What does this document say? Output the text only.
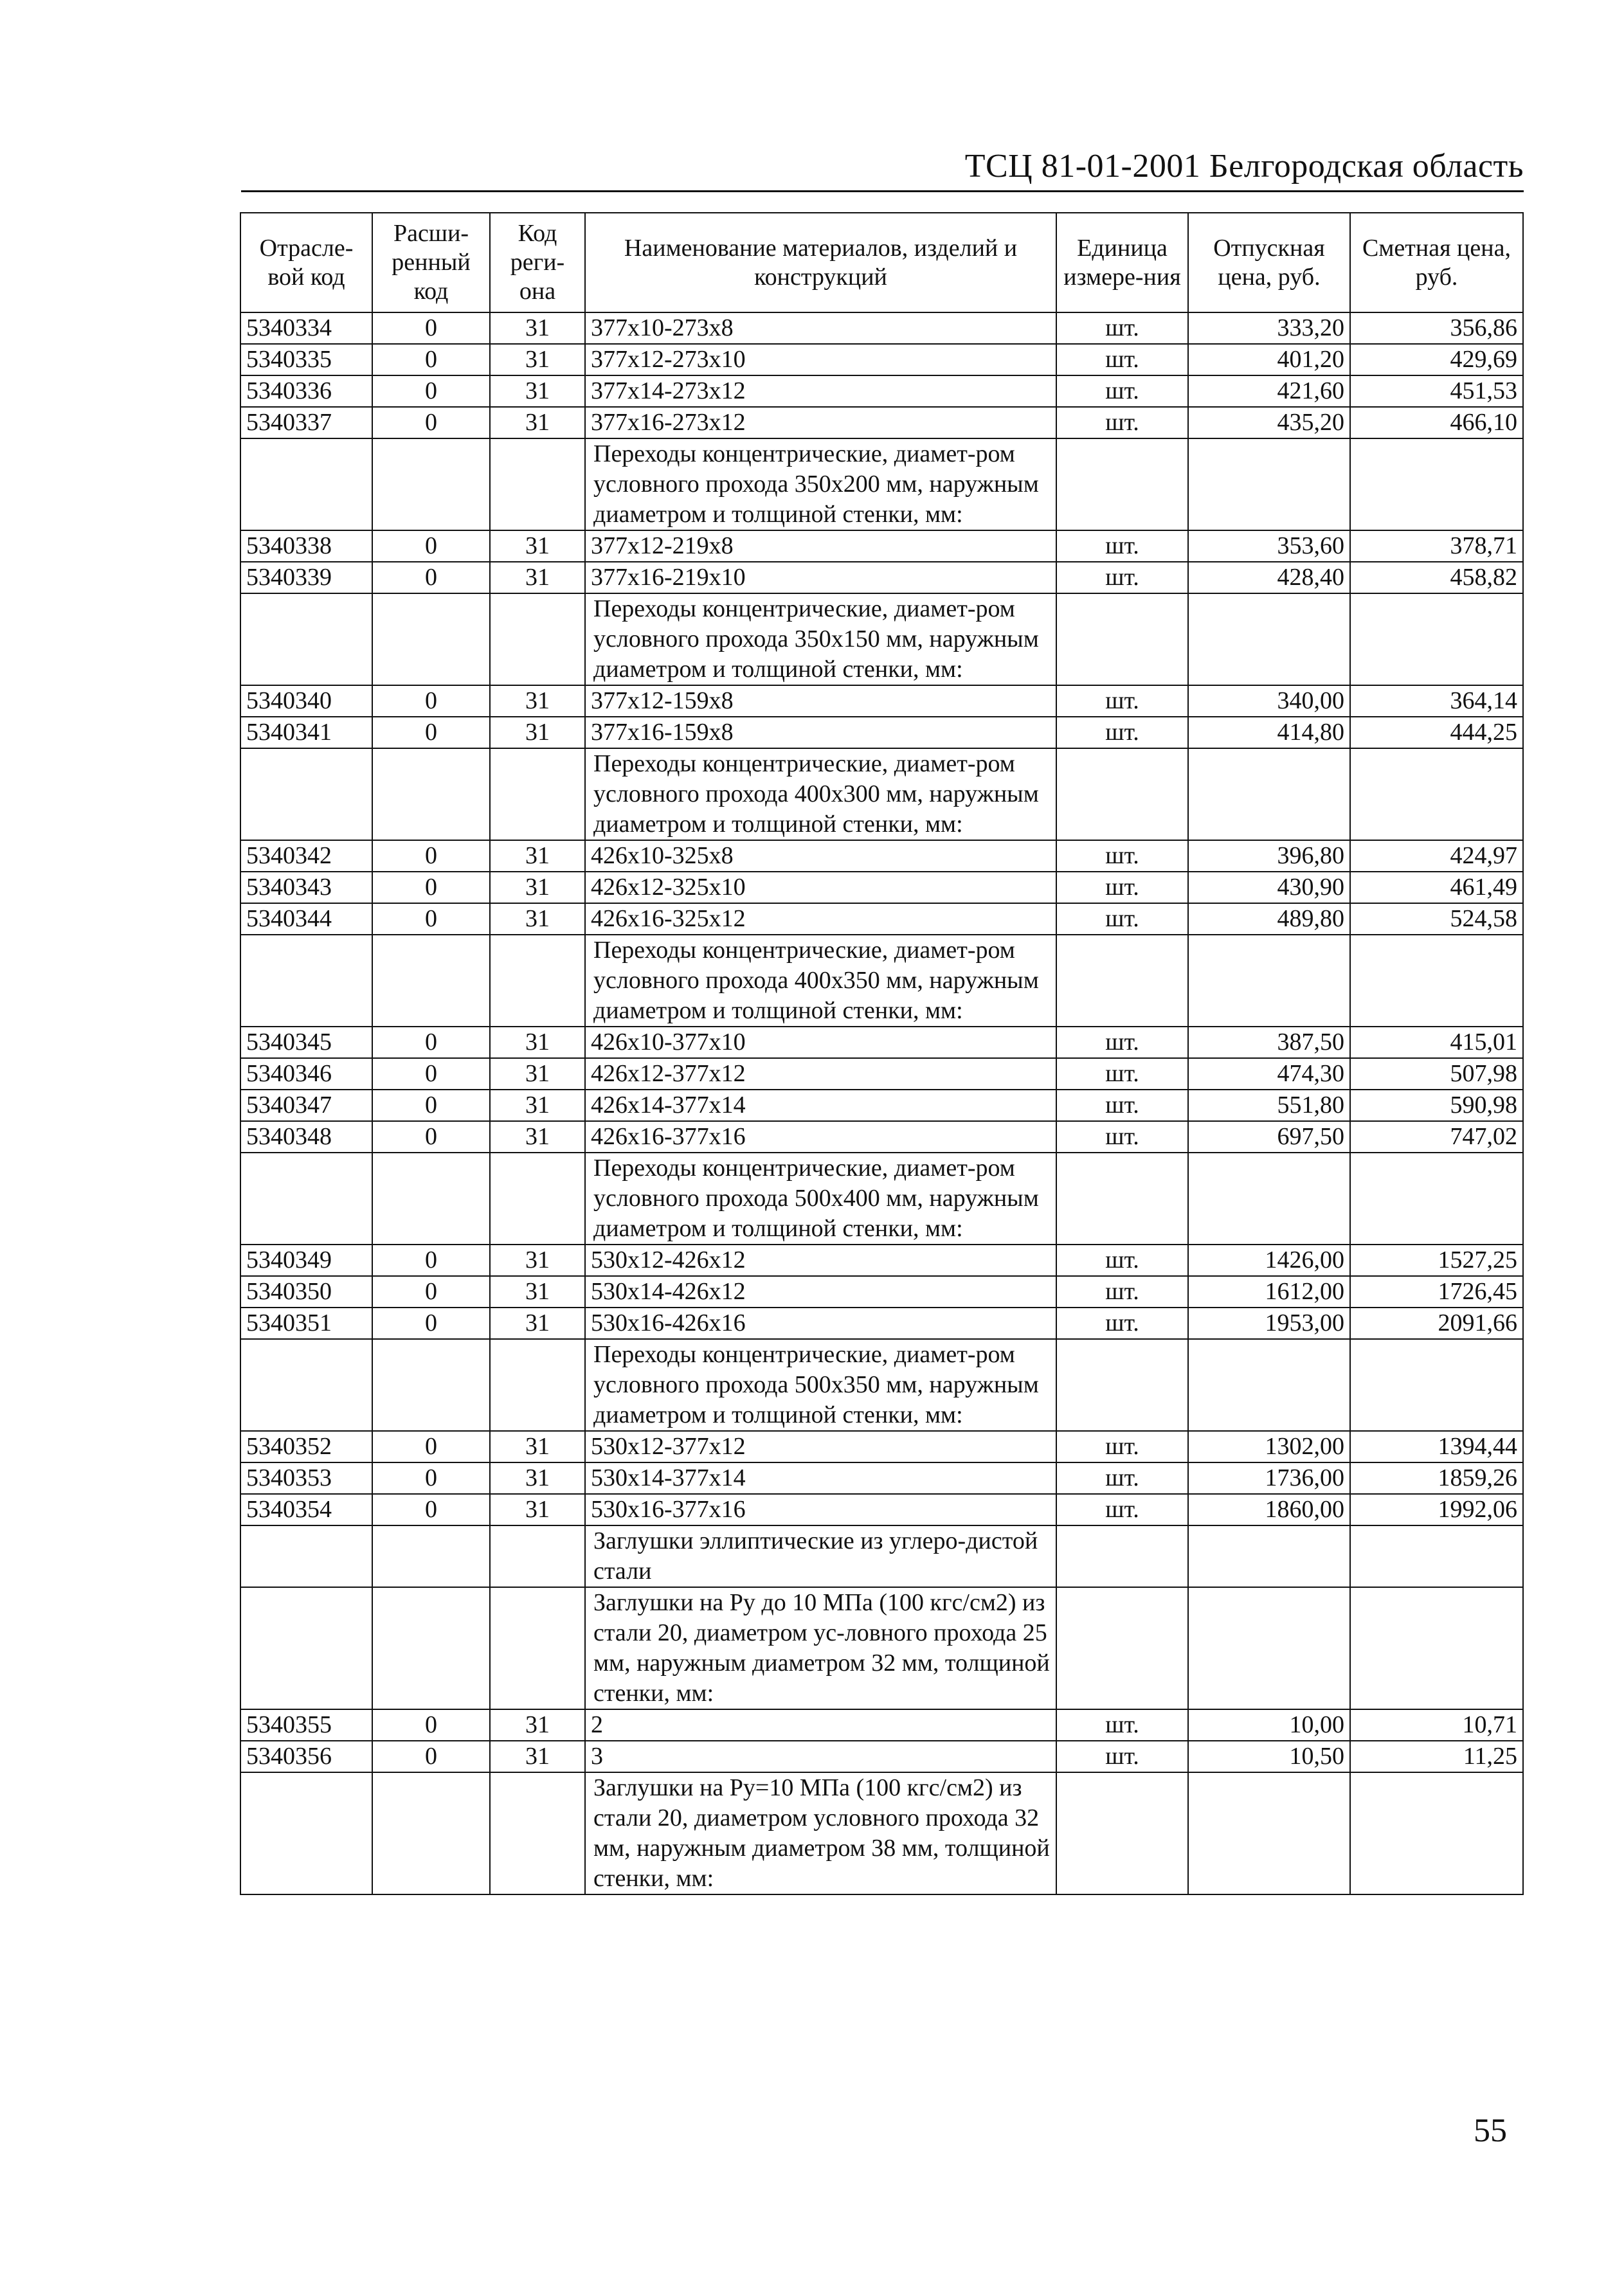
ТСЦ 81-01-2001 Белгородская область
Отрасле-вой код	Расши-ренный код	Код реги-она	Наименование материалов, изделий и конструкций	Единица измере-ния	Отпускная цена, руб.	Сметная цена, руб.
5340334	0	31	377x10-273x8	шт.	333,20	356,86
5340335	0	31	377x12-273x10	шт.	401,20	429,69
5340336	0	31	377x14-273x12	шт.	421,60	451,53
5340337	0	31	377x16-273x12	шт.	435,20	466,10
			Переходы концентрические, диамет-ром условного прохода 350x200 мм, наружным диаметром и толщиной стенки, мм:			
5340338	0	31	377x12-219x8	шт.	353,60	378,71
5340339	0	31	377x16-219x10	шт.	428,40	458,82
			Переходы концентрические, диамет-ром условного прохода 350x150 мм, наружным диаметром и толщиной стенки, мм:			
5340340	0	31	377x12-159x8	шт.	340,00	364,14
5340341	0	31	377x16-159x8	шт.	414,80	444,25
			Переходы концентрические, диамет-ром условного прохода 400x300 мм, наружным диаметром и толщиной стенки, мм:			
5340342	0	31	426x10-325x8	шт.	396,80	424,97
5340343	0	31	426x12-325x10	шт.	430,90	461,49
5340344	0	31	426x16-325x12	шт.	489,80	524,58
			Переходы концентрические, диамет-ром условного прохода 400x350 мм, наружным диаметром и толщиной стенки, мм:			
5340345	0	31	426x10-377x10	шт.	387,50	415,01
5340346	0	31	426x12-377x12	шт.	474,30	507,98
5340347	0	31	426x14-377x14	шт.	551,80	590,98
5340348	0	31	426x16-377x16	шт.	697,50	747,02
			Переходы концентрические, диамет-ром условного прохода 500x400 мм, наружным диаметром и толщиной стенки, мм:			
5340349	0	31	530x12-426x12	шт.	1426,00	1527,25
5340350	0	31	530x14-426x12	шт.	1612,00	1726,45
5340351	0	31	530x16-426x16	шт.	1953,00	2091,66
			Переходы концентрические, диамет-ром условного прохода 500x350 мм, наружным диаметром и толщиной стенки, мм:			
5340352	0	31	530x12-377x12	шт.	1302,00	1394,44
5340353	0	31	530x14-377x14	шт.	1736,00	1859,26
5340354	0	31	530x16-377x16	шт.	1860,00	1992,06
			Заглушки эллиптические из углеро-дистой стали			
			Заглушки на Ру до 10 МПа (100 кгс/см2) из стали 20, диаметром ус-ловного прохода 25 мм, наружным диаметром 32 мм, толщиной стенки, мм:			
5340355	0	31	2	шт.	10,00	10,71
5340356	0	31	3	шт.	10,50	11,25
			Заглушки на Ру=10 МПа (100 кгс/см2) из стали 20, диаметром условного прохода 32 мм, наружным диаметром 38 мм, толщиной стенки, мм:			
55
